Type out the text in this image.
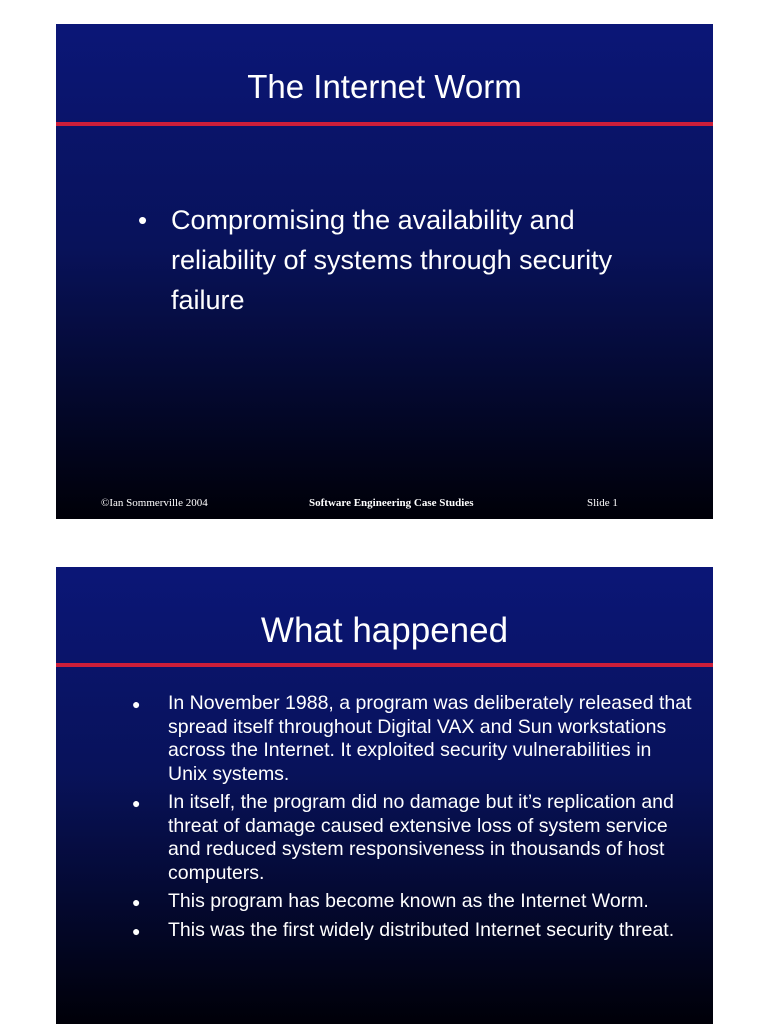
The Internet Worm
• Compromising the availability and reliability of systems through security failure
©Ian Sommerville 2004	Software Engineering Case Studies	Slide 1
What happened
●	In November 1988, a program was deliberately released that spread itself throughout Digital VAX and Sun workstations across the Internet. It exploited security vulnerabilities in Unix systems.
●	In itself, the program did no damage but it’s replication and threat of damage caused extensive loss of system service and reduced system responsiveness in thousands of host computers.
●	This program has become known as the Internet Worm.
●	This was the first widely distributed Internet security threat.
